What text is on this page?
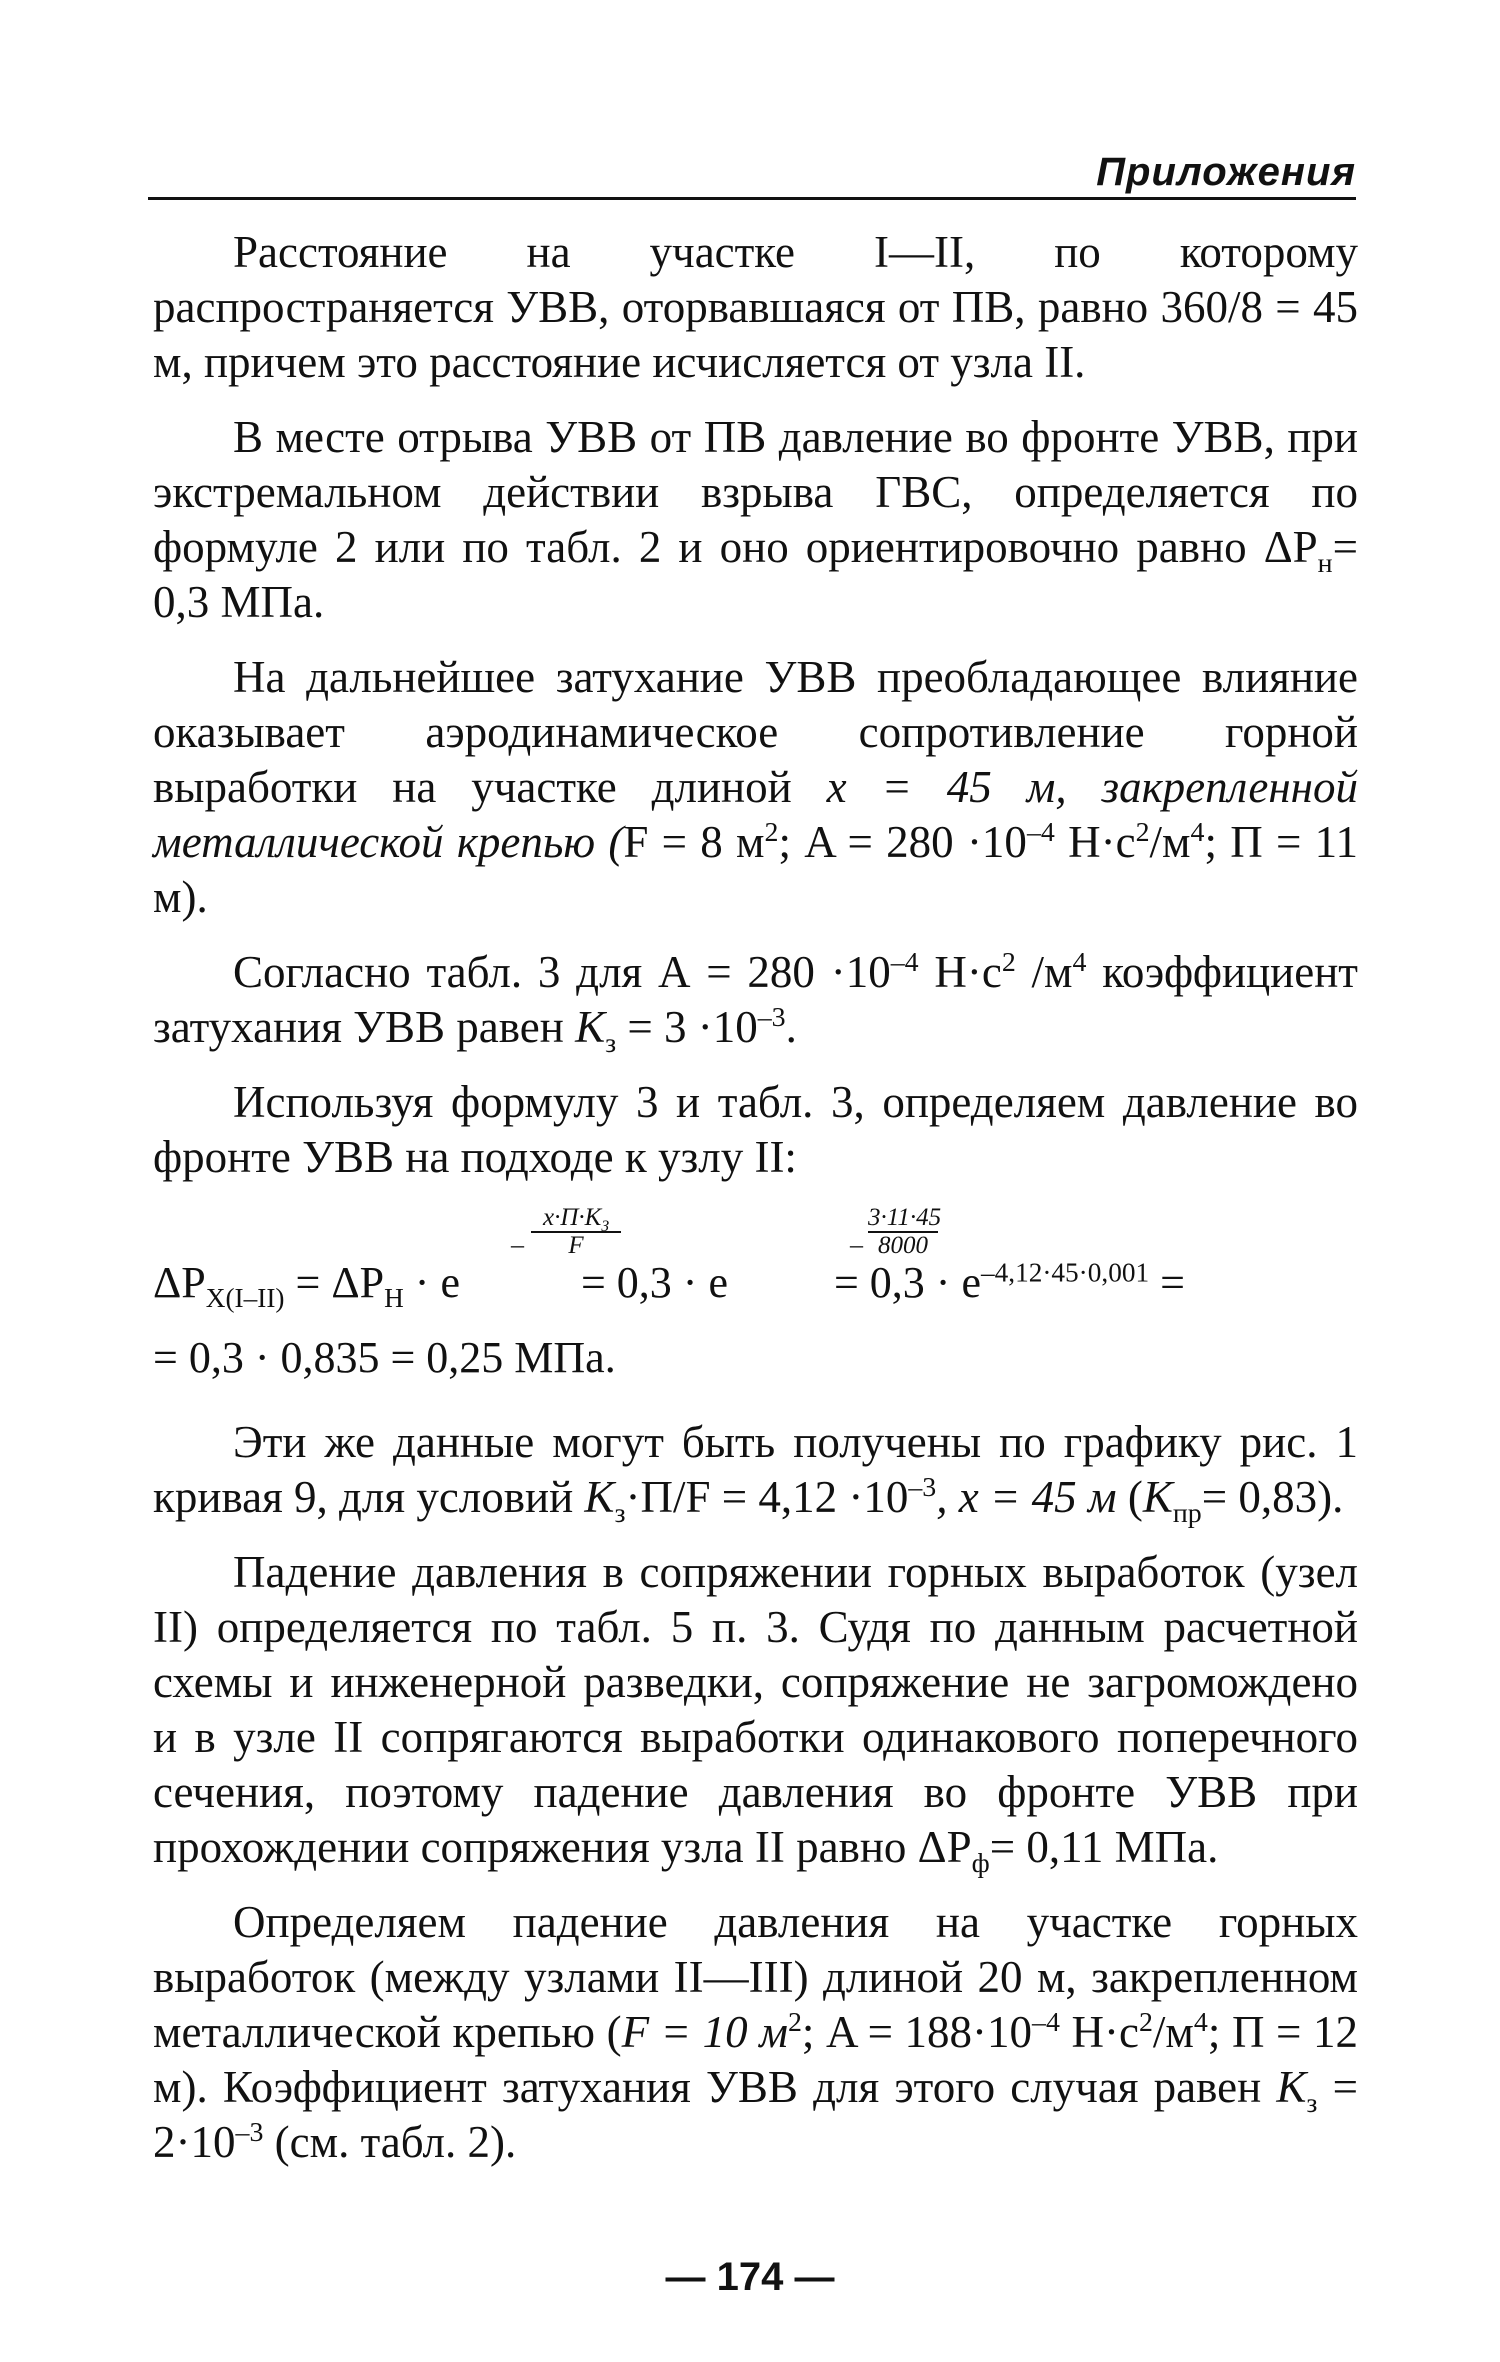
Приложения

Расстояние на участке I—II, по которому распространяется УВВ, оторвавшаяся от ПВ, равно 360/8 = 45 м, причем это расстояние исчисляется от узла II.

В месте отрыва УВВ от ПВ давление во фронте УВВ, при экстремальном действии взрыва ГВС, определяется по формуле 2 или по табл. 2 и оно ориентировочно равно $\Delta P_н= 0,3$ МПа.

На дальнейшее затухание УВВ преобладающее влияние оказывает аэродинамическое сопротивление горной выработки на участке длиной x = 45 м, закрепленной металлической крепью (F = 8 $м^2$; $A = 280 \cdot 10^{-4}$ $Н\cdot с^2/м^4$; П = 11 м).

Согласно табл. 3 для $А = 280 \cdot 10^{-4}$ $Н\cdot с^2$ $/м^4$ коэффициент затухания УВВ равен $K_з = 3 \cdot 10^{-3}$.

Используя формулу 3 и табл. 3, определяем давление во фронте УВВ на подходе к узлу II:

$\Delta P_{X(I-II)} = \Delta P_H \cdot e$	= $0,3 \cdot e = 0,3 \cdot e^{-4,12\cdot 45\cdot 0,001}$ =
$x\cdot П\cdot K_З$
F
–	$\frac{3\cdot 11\cdot 45}{8000}$
–
= 0,3 · 0,835 = 0,25 МПа.

Эти же данные могут быть получены по графику рис. 1 кривая 9, для условий $K_з\cdot П/F = 4,12 \cdot 10^{-3}$, x = 45 м $(K_{пр}= 0,83)$.

Падение давления в сопряжении горных выработок (узел II) определяется по табл. 5 п. 3. Судя по данным расчетной схемы и инженерной разведки, сопряжение не загромождено и в узле II сопрягаются выработки одинакового поперечного сечения, поэтому падение давления во фронте УВВ при прохождении сопряжения узла II равно $\Delta P_ф= 0,11$ МПа.

Определяем падение давления на участке горных выработок (между узлами II—III) длиной 20 м, закрепленном металлической крепью (F = 10 $м^2$; $A = 188\cdot 10^{-4}$ $Н\cdot с^2/м^4$; П = 12 м). Коэффициент затухания УВВ для этого случая равен $K_з = 2\cdot 10^{-3}$ (см. табл. 2).

— 174 —
